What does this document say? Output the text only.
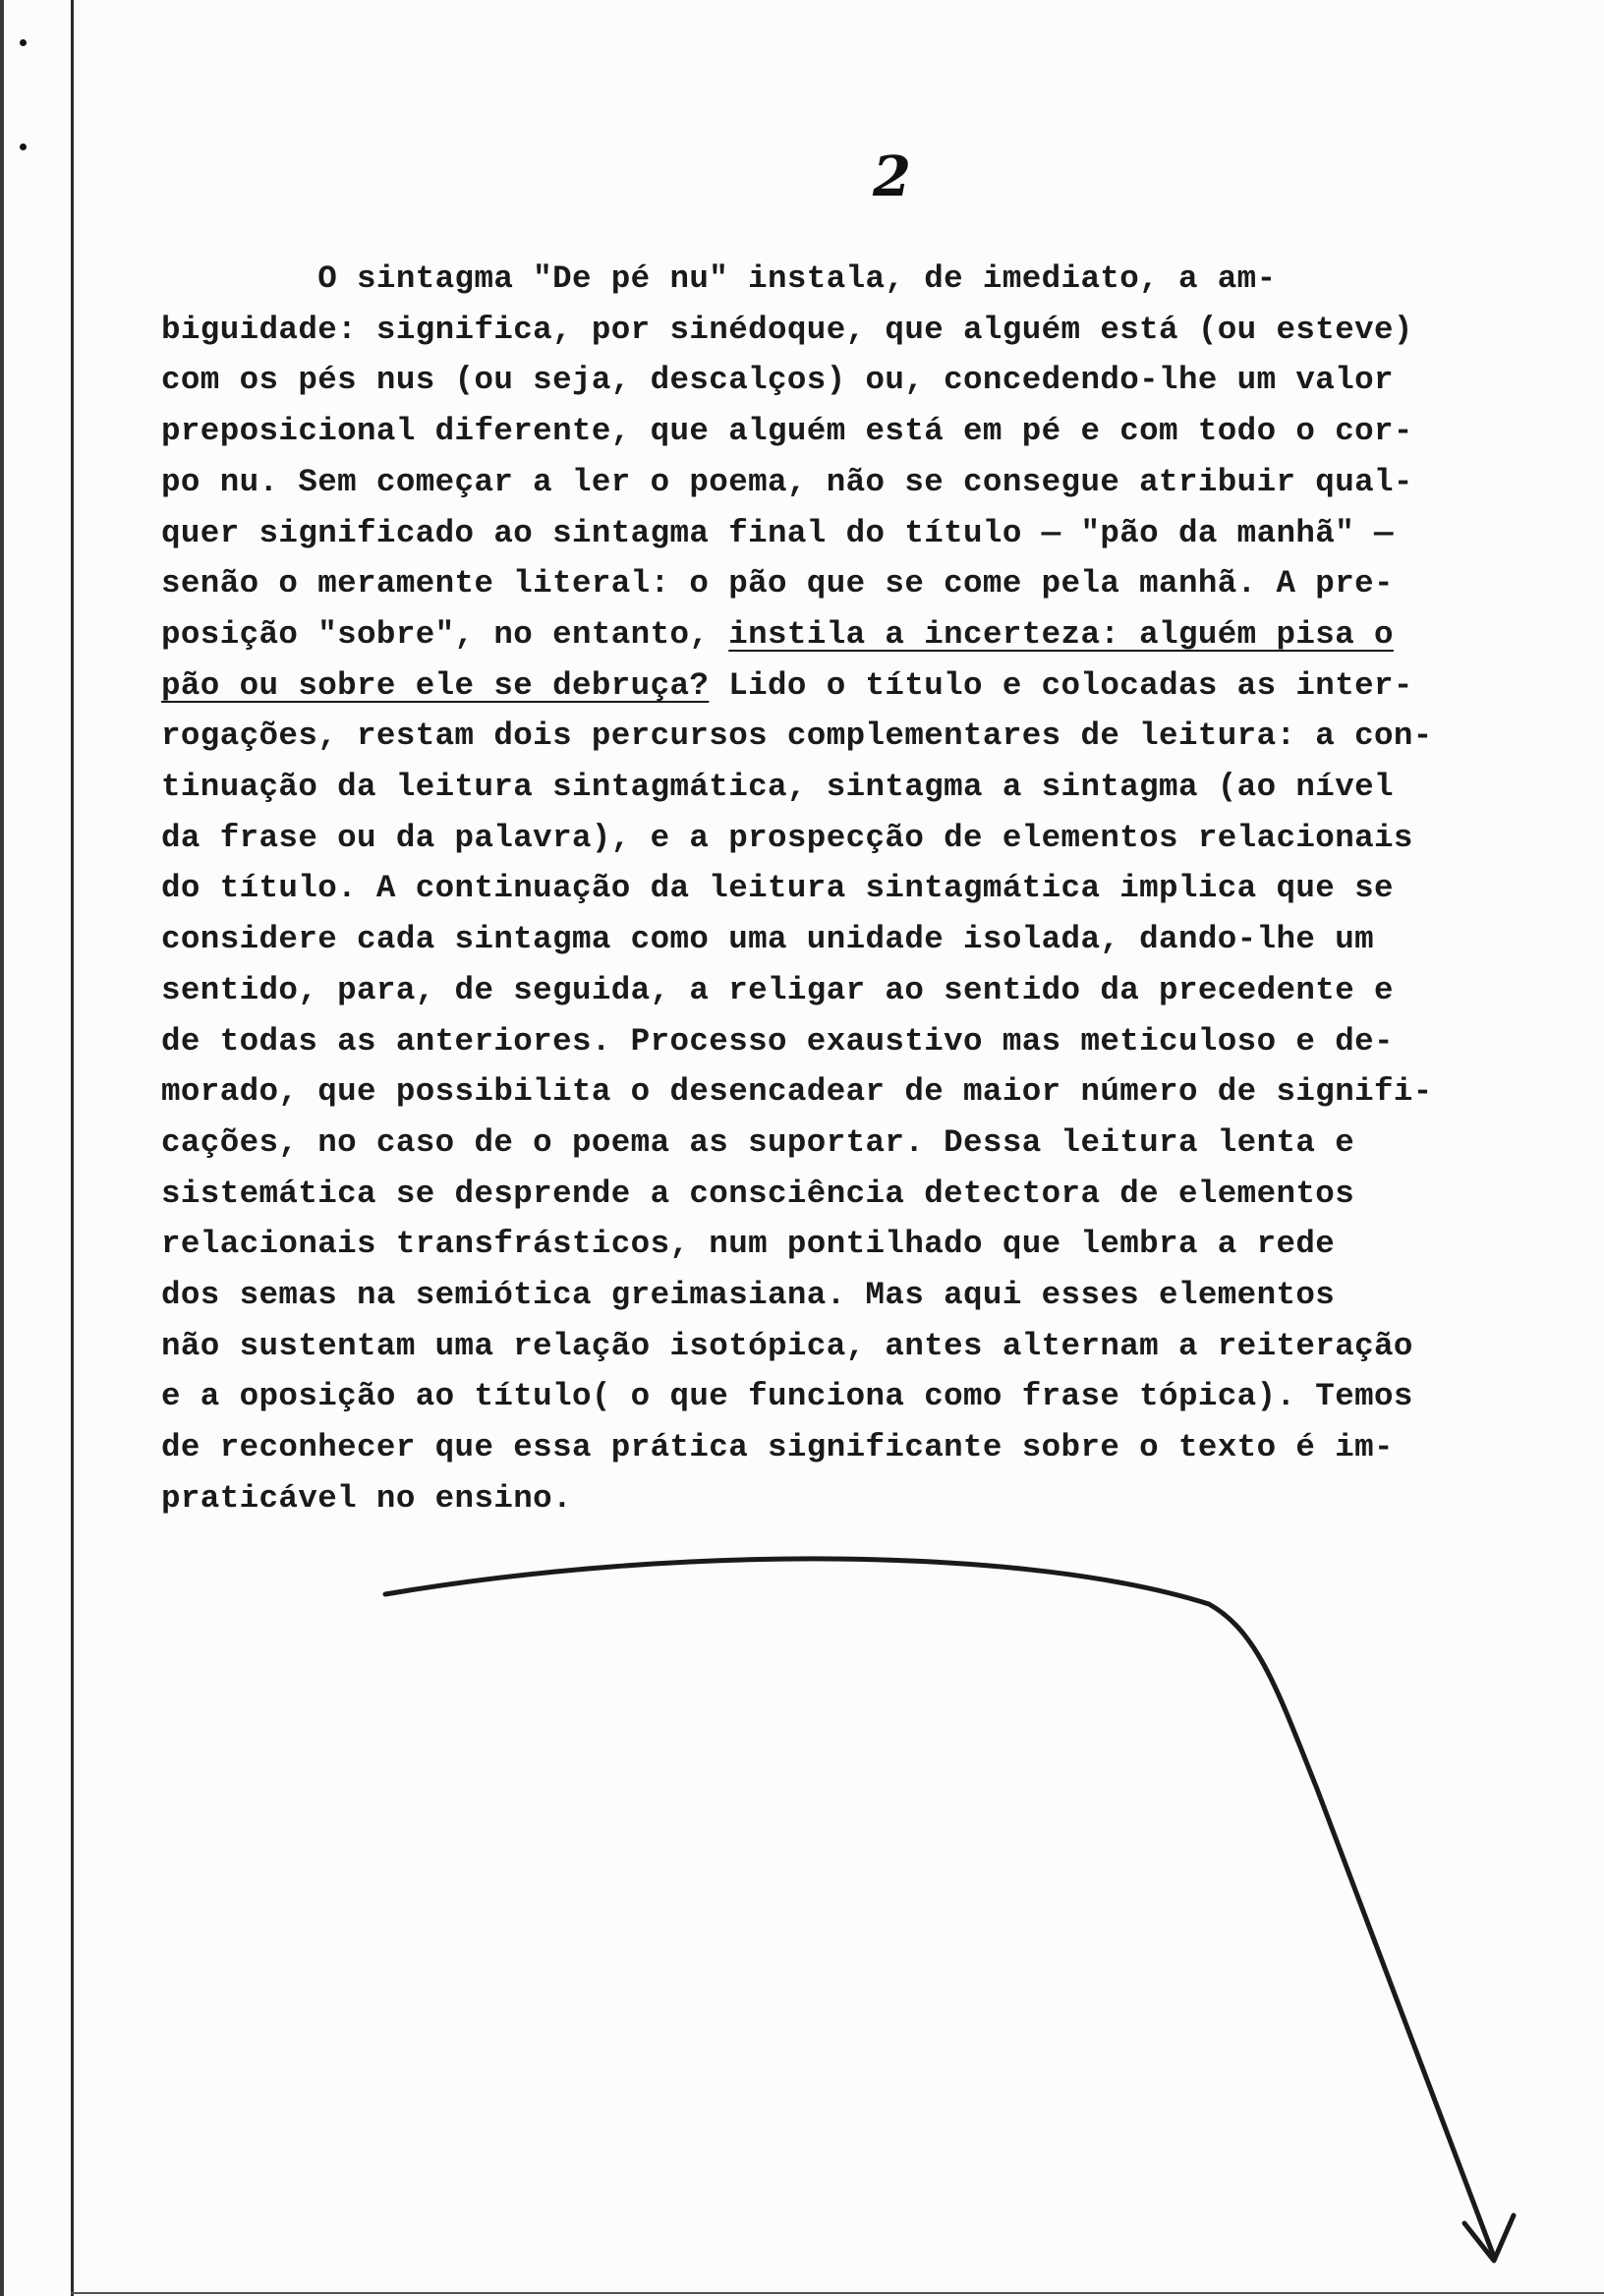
2
O sintagma "De pé nu" instala, de imediato, a am-
biguidade: significa, por sinédoque, que alguém está (ou esteve)
com os pés nus (ou seja, descalços) ou, concedendo-lhe um valor
preposicional diferente, que alguém está em pé e com todo o cor-
po nu. Sem começar a ler o poema, não se consegue atribuir qual-
quer significado ao sintagma final do título — "pão da manhã" —
senão o meramente literal: o pão que se come pela manhã. A pre-
posição "sobre", no entanto, instila a incerteza: alguém pisa o
pão ou sobre ele se debruça? Lido o título e colocadas as inter-
rogações, restam dois percursos complementares de leitura: a con-
tinuação da leitura sintagmática, sintagma a sintagma (ao nível
da frase ou da palavra), e a prospecção de elementos relacionais
do título. A continuação da leitura sintagmática implica que se
considere cada sintagma como uma unidade isolada, dando-lhe um
sentido, para, de seguida, a religar ao sentido da precedente e
de todas as anteriores. Processo exaustivo mas meticuloso e de-
morado, que possibilita o desencadear de maior número de signifi-
cações, no caso de o poema as suportar. Dessa leitura lenta e
sistemática se desprende a consciência detectora de elementos
relacionais transfrásticos, num pontilhado que lembra a rede
dos semas na semiótica greimasiana. Mas aqui esses elementos
não sustentam uma relação isotópica, antes alternam a reiteração
e a oposição ao título( o que funciona como frase tópica). Temos
de reconhecer que essa prática significante sobre o texto é im-
praticável no ensino.
